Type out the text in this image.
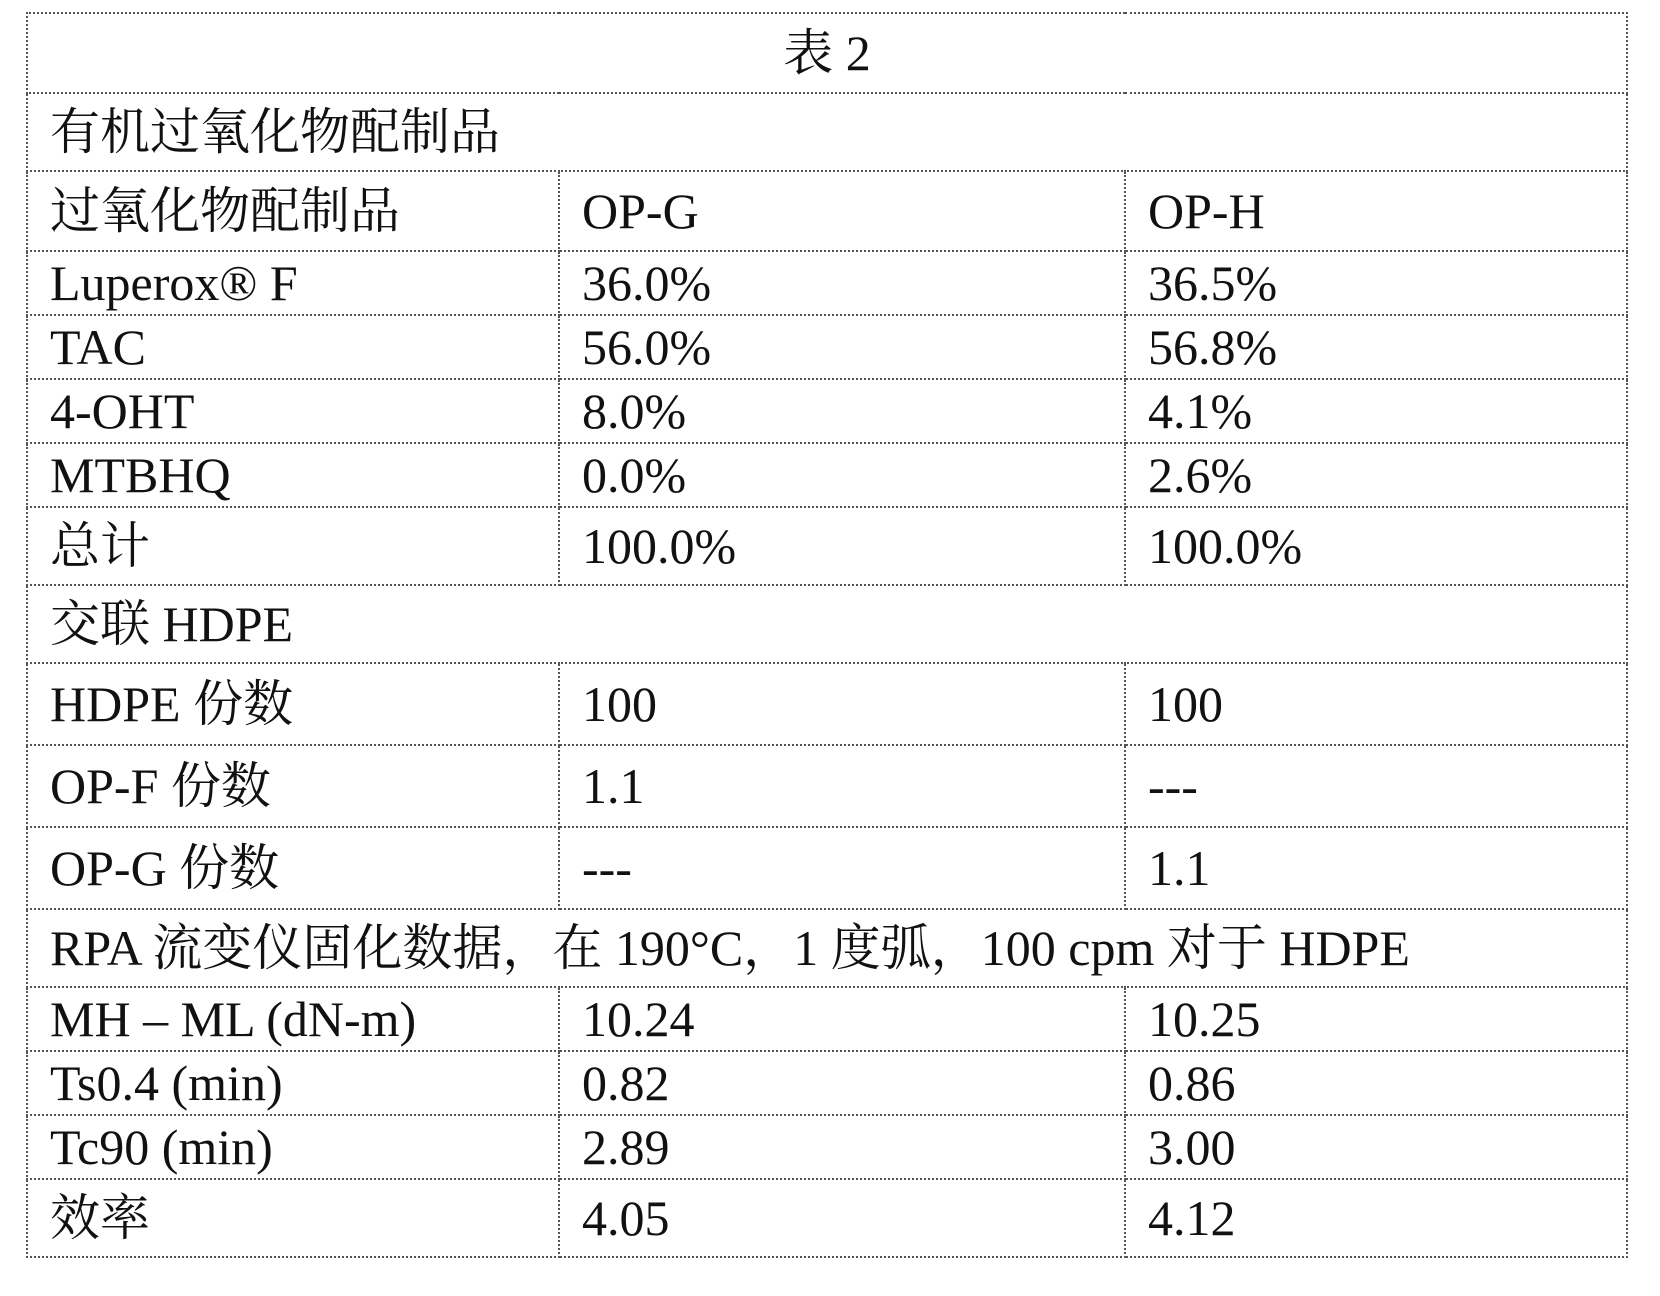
表 2		
有机过氧化物配制品		
过氧化物配制品	OP-G	OP-H
Luperox® F	36.0%	36.5%
TAC	56.0%	56.8%
4-OHT	8.0%	4.1%
MTBHQ	0.0%	2.6%
总计	100.0%	100.0%
交联 HDPE		
HDPE 份数	100	100
OP-F 份数	1.1	---
OP-G 份数	---	1.1
RPA 流变仪固化数据，在 190°C，1 度弧，100 cpm 对于 HDPE		
MH – ML (dN-m)	10.24	10.25
Ts0.4 (min)	0.82	0.86
Tc90 (min)	2.89	3.00
效率	4.05	4.12
